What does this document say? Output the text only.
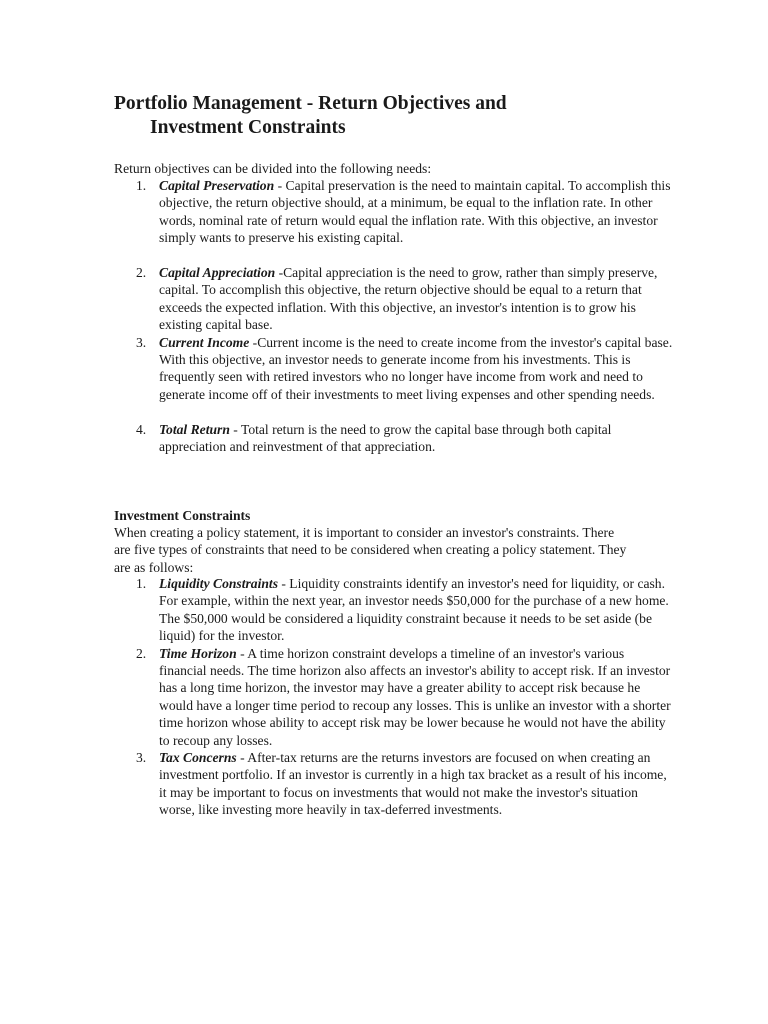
Portfolio Management - Return Objectives and
Investment Constraints

Return objectives can be divided into the following needs:

1. Capital Preservation - Capital preservation is the need to maintain capital. To accomplish this objective, the return objective should, at a minimum, be equal to the inflation rate. In other words, nominal rate of return would equal the inflation rate. With this objective, an investor simply wants to preserve his existing capital.
2. Capital Appreciation -Capital appreciation is the need to grow, rather than simply preserve, capital. To accomplish this objective, the return objective should be equal to a return that exceeds the expected inflation. With this objective, an investor's intention is to grow his existing capital base.
3. Current Income -Current income is the need to create income from the investor's capital base. With this objective, an investor needs to generate income from his investments. This is frequently seen with retired investors who no longer have income from work and need to generate income off of their investments to meet living expenses and other spending needs.
4. Total Return - Total return is the need to grow the capital base through both capital appreciation and reinvestment of that appreciation.
Investment Constraints

When creating a policy statement, it is important to consider an investor's constraints. There are five types of constraints that need to be considered when creating a policy statement. They are as follows:

1. Liquidity Constraints - Liquidity constraints identify an investor's need for liquidity, or cash. For example, within the next year, an investor needs $50,000 for the purchase of a new home. The $50,000 would be considered a liquidity constraint because it needs to be set aside (be liquid) for the investor.
2. Time Horizon - A time horizon constraint develops a timeline of an investor's various financial needs. The time horizon also affects an investor's ability to accept risk. If an investor has a long time horizon, the investor may have a greater ability to accept risk because he would have a longer time period to recoup any losses. This is unlike an investor with a shorter time horizon whose ability to accept risk may be lower because he would not have the ability to recoup any losses.
3. Tax Concerns - After-tax returns are the returns investors are focused on when creating an investment portfolio. If an investor is currently in a high tax bracket as a result of his income, it may be important to focus on investments that would not make the investor's situation worse, like investing more heavily in tax-deferred investments.
